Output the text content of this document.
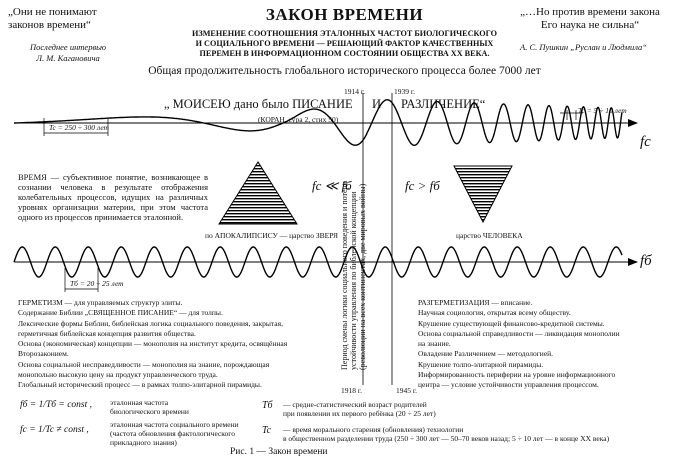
„Они не понимают
законов времени“
Последнее интервью
Л. М. Кагановича
„…Но против времени закона
Его наука не сильна“
А. С. Пушкин „Руслан и Людмила“
ЗАКОН ВРЕМЕНИ
ИЗМЕНЕНИЕ СООТНОШЕНИЯ ЭТАЛОННЫХ ЧАСТОТ БИОЛОГИЧЕСКОГО
И СОЦИАЛЬНОГО ВРЕМЕНИ — РЕШАЮЩИЙ ФАКТОР КАЧЕСТВЕННЫХ
ПЕРЕМЕН В ИНФОРМАЦИОННОМ СОСТОЯНИИ ОБЩЕСТВА XX ВЕКА.
Общая продолжительность глобального исторического процесса более 7000 лет
„ МОИСЕЮ дано было ПИСАНИЕ И РАЗЛИЧЕНИЕ“
(КОРАН, сура 2, стих 50)
Tc = 250 ÷ 300 лет
Tc = 5 ÷ 10 лет
fc
1914 г.	1939 г.
Tб = 20 ÷ 25 лет
fб
1918 г.	1945 г.
fc ≪ fб	fc > fб
по АПОКАЛИПСИСУ — царство ЗВЕРЯ	царство ЧЕЛОВЕКА
Период смены логики социального поведения и потери устойчивости управления по библейской концепции (революции на всех континентах, две мировых войны)
ВРЕМЯ — субъективное понятие, возникающее в сознании человека в результате отображения колебательных процессов, идущих на различных уровнях организации материи, при этом частота одного из процессов принимается эталонной.
ГЕРМЕТИЗМ — для управляемых структур элиты.
Содержание Библии „СВЯЩЕННОЕ ПИСАНИЕ“ — для толпы.
Лексические формы Библии, библейская логика социального поведения, закрытая,
герметичная библейская концепция развития общества.
Основа (экономическая) концепции — монополия на институт кредита, освящённая
Второзаконием.
Основа социальной несправедливости — монополия на знание, порождающая
монопольно высокую цену на продукт управленческого труда.
Глобальный исторический процесс — в рамках толпо-элитарной пирамиды.
РАЗГЕРМЕТИЗАЦИЯ — вписание.
Научная социология, открытая всему обществу.
Крушение существующей финансово-кредитной системы.
Основа социальной справедливости — ликвидация монополии
на знание.
Овладение Различением — методологией.
Крушение толпо-элитарной пирамиды.
Информированность периферии на уровне информационного
центра — условие устойчивости управления процессом.
fб = 1/Tб = const , эталонная частота
биологического времени
fc = 1/Tc ≠ const ,
эталонная частота социального времени
(частота обновления фактологического
прикладного знания)
Tб — средне-статистический возраст родителей
при появлении их первого ребёнка (20 ÷ 25 лет)
Tc — время морального старения (обновления) технологии
в общественном разделении труда (250 ÷ 300 лет — 50–70 веков назад; 5 ÷ 10 лет — в конце XX века)
Рис. 1 — Закон времени
